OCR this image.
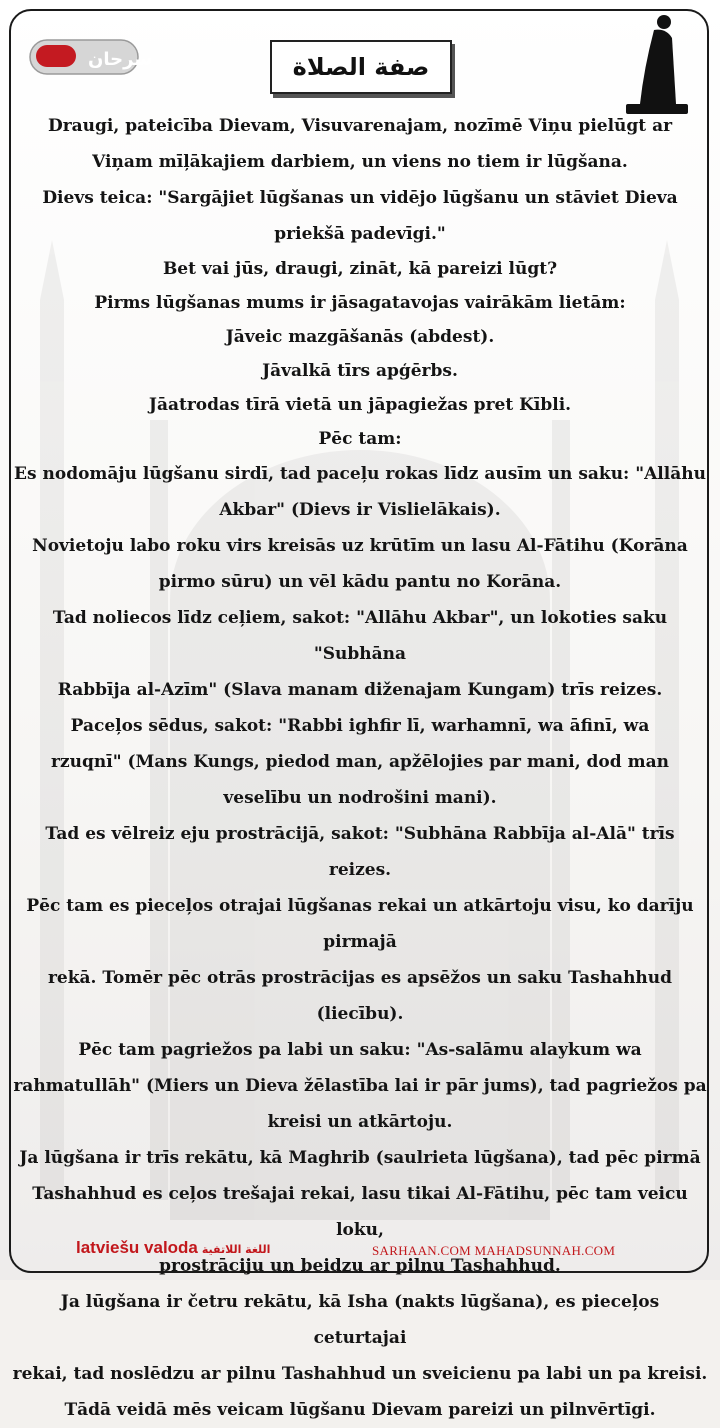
سرحان	صفة الصلاة
Draugi, pateicība Dievam, Visuvarenajam, nozīmē Viņu pielūgt ar
Viņam mīļākajiem darbiem, un viens no tiem ir lūgšana.
Dievs teica: "Sargājiet lūgšanas un vidējo lūgšanu un stāviet Dieva
priekšā padevīgi."
Bet vai jūs, draugi, zināt, kā pareizi lūgt?
Pirms lūgšanas mums ir jāsagatavojas vairākām lietām:
Jāveic mazgāšanās (abdest).
Jāvalkā tīrs apģērbs.
Jāatrodas tīrā vietā un jāpagiežas pret Kībli.
Pēc tam:
Es nodomāju lūgšanu sirdī, tad paceļu rokas līdz ausīm un saku: "Allāhu
Akbar" (Dievs ir Vislielākais).
Novietoju labo roku virs kreisās uz krūtīm un lasu Al-Fātihu (Korāna
pirmo sūru) un vēl kādu pantu no Korāna.
Tad noliecos līdz ceļiem, sakot: "Allāhu Akbar", un lokoties saku "Subhāna
Rabbīja al-Azīm" (Slava manam diženajam Kungam) trīs reizes.
Paceļos sēdus, sakot: "Rabbi ighfir lī, warhamnī, wa āfinī, wa
rzuqnī" (Mans Kungs, piedod man, apžēlojies par mani, dod man
veselību un nodrošini mani).
Tad es vēlreiz eju prostrācijā, sakot: "Subhāna Rabbīja al-Alā" trīs reizes.
Pēc tam es pieceļos otrajai lūgšanas rekai un atkārtoju visu, ko darīju pirmajā
rekā. Tomēr pēc otrās prostrācijas es apsēžos un saku Tashahhud (liecību).
Pēc tam pagriežos pa labi un saku: "As-salāmu alaykum wa
rahmatullāh" (Miers un Dieva žēlastība lai ir pār jums), tad pagriežos pa
kreisi un atkārtoju.
Ja lūgšana ir trīs rekātu, kā Maghrib (saulrieta lūgšana), tad pēc pirmā
Tashahhud es ceļos trešajai rekai, lasu tikai Al-Fātihu, pēc tam veicu loku,
prostrāciju un beidzu ar pilnu Tashahhud.
Ja lūgšana ir četru rekātu, kā Isha (nakts lūgšana), es pieceļos ceturtajai
rekai, tad noslēdzu ar pilnu Tashahhud un sveicienu pa labi un pa kreisi.
Tādā veidā mēs veicam lūgšanu Dievam pareizi un pilnvērtīgi.
latviešu valoda اللغة اللاتفية	SARHAAN.COM MAHADSUNNAH.COM
